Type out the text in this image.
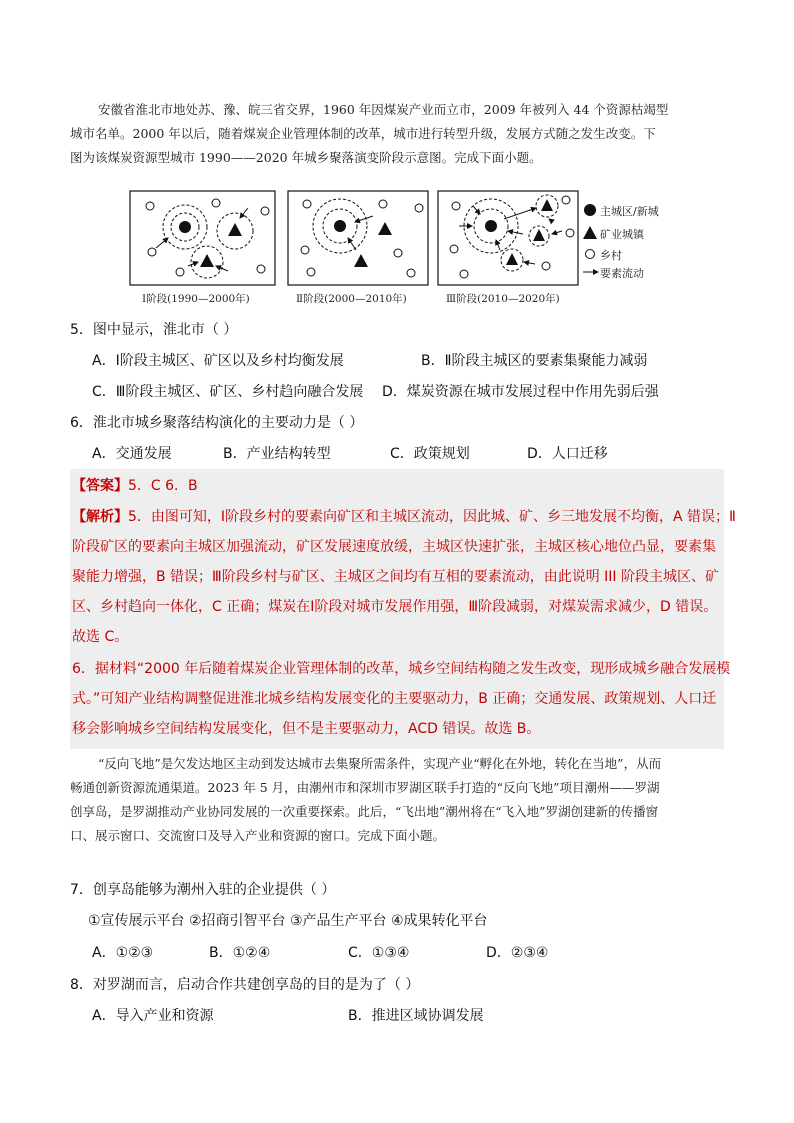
安徽省淮北市地处苏、豫、皖三省交界，1960 年因煤炭产业而立市，2009 年被列入 44 个资源枯竭型
城市名单。2000 年以后，随着煤炭企业管理体制的改革，城市进行转型升级，发展方式随之发生改变。下
图为该煤炭资源型城市 1990——2020 年城乡聚落演变阶段示意图。完成下面小题。
主城区/新城
矿业城镇
乡村
要素流动
Ⅰ阶段(1990—2000年)	Ⅱ阶段(2000—2010年)	Ⅲ阶段(2010—2020年)
5．图中显示，淮北市（ ）
A．Ⅰ阶段主城区、矿区以及乡村均衡发展	B．Ⅱ阶段主城区的要素集聚能力减弱
C．Ⅲ阶段主城区、矿区、乡村趋向融合发展 D．煤炭资源在城市发展过程中作用先弱后强
6．淮北市城乡聚落结构演化的主要动力是（ ）
A．交通发展	B．产业结构转型	C．政策规划	D．人口迁移
【答案】5．C 6．B
【解析】5．由图可知，Ⅰ阶段乡村的要素向矿区和主城区流动，因此城、矿、乡三地发展不均衡，A 错误；Ⅱ
阶段矿区的要素向主城区加强流动，矿区发展速度放缓，主城区快速扩张，主城区核心地位凸显，要素集
聚能力增强，B 错误；Ⅲ阶段乡村与矿区、主城区之间均有互相的要素流动，由此说明 III 阶段主城区、矿
区、乡村趋向一体化，C 正确；煤炭在Ⅰ阶段对城市发展作用强，Ⅲ阶段减弱，对煤炭需求减少，D 错误。
故选 C。
6．据材料“2000 年后随着煤炭企业管理体制的改革，城乡空间结构随之发生改变，现形成城乡融合发展模
式。”可知产业结构调整促进淮北城乡结构发展变化的主要驱动力，B 正确；交通发展、政策规划、人口迁
移会影响城乡空间结构发展变化，但不是主要驱动力，ACD 错误。故选 B。
“反向飞地”是欠发达地区主动到发达城市去集聚所需条件，实现产业“孵化在外地，转化在当地”，从而
畅通创新资源流通渠道。2023 年 5 月，由潮州市和深圳市罗湖区联手打造的“反向飞地”项目潮州——罗湖
创享岛，是罗湖推动产业协同发展的一次重要探索。此后，“飞出地”潮州将在“飞入地”罗湖创建新的传播窗
口、展示窗口、交流窗口及导入产业和资源的窗口。完成下面小题。
7．创享岛能够为潮州入驻的企业提供（ ）
①宣传展示平台 ②招商引智平台 ③产品生产平台 ④成果转化平台
A．①②③	B．①②④	C．①③④	D．②③④
8．对罗湖而言，启动合作共建创享岛的目的是为了（ ）
A．导入产业和资源	B．推进区域协调发展
